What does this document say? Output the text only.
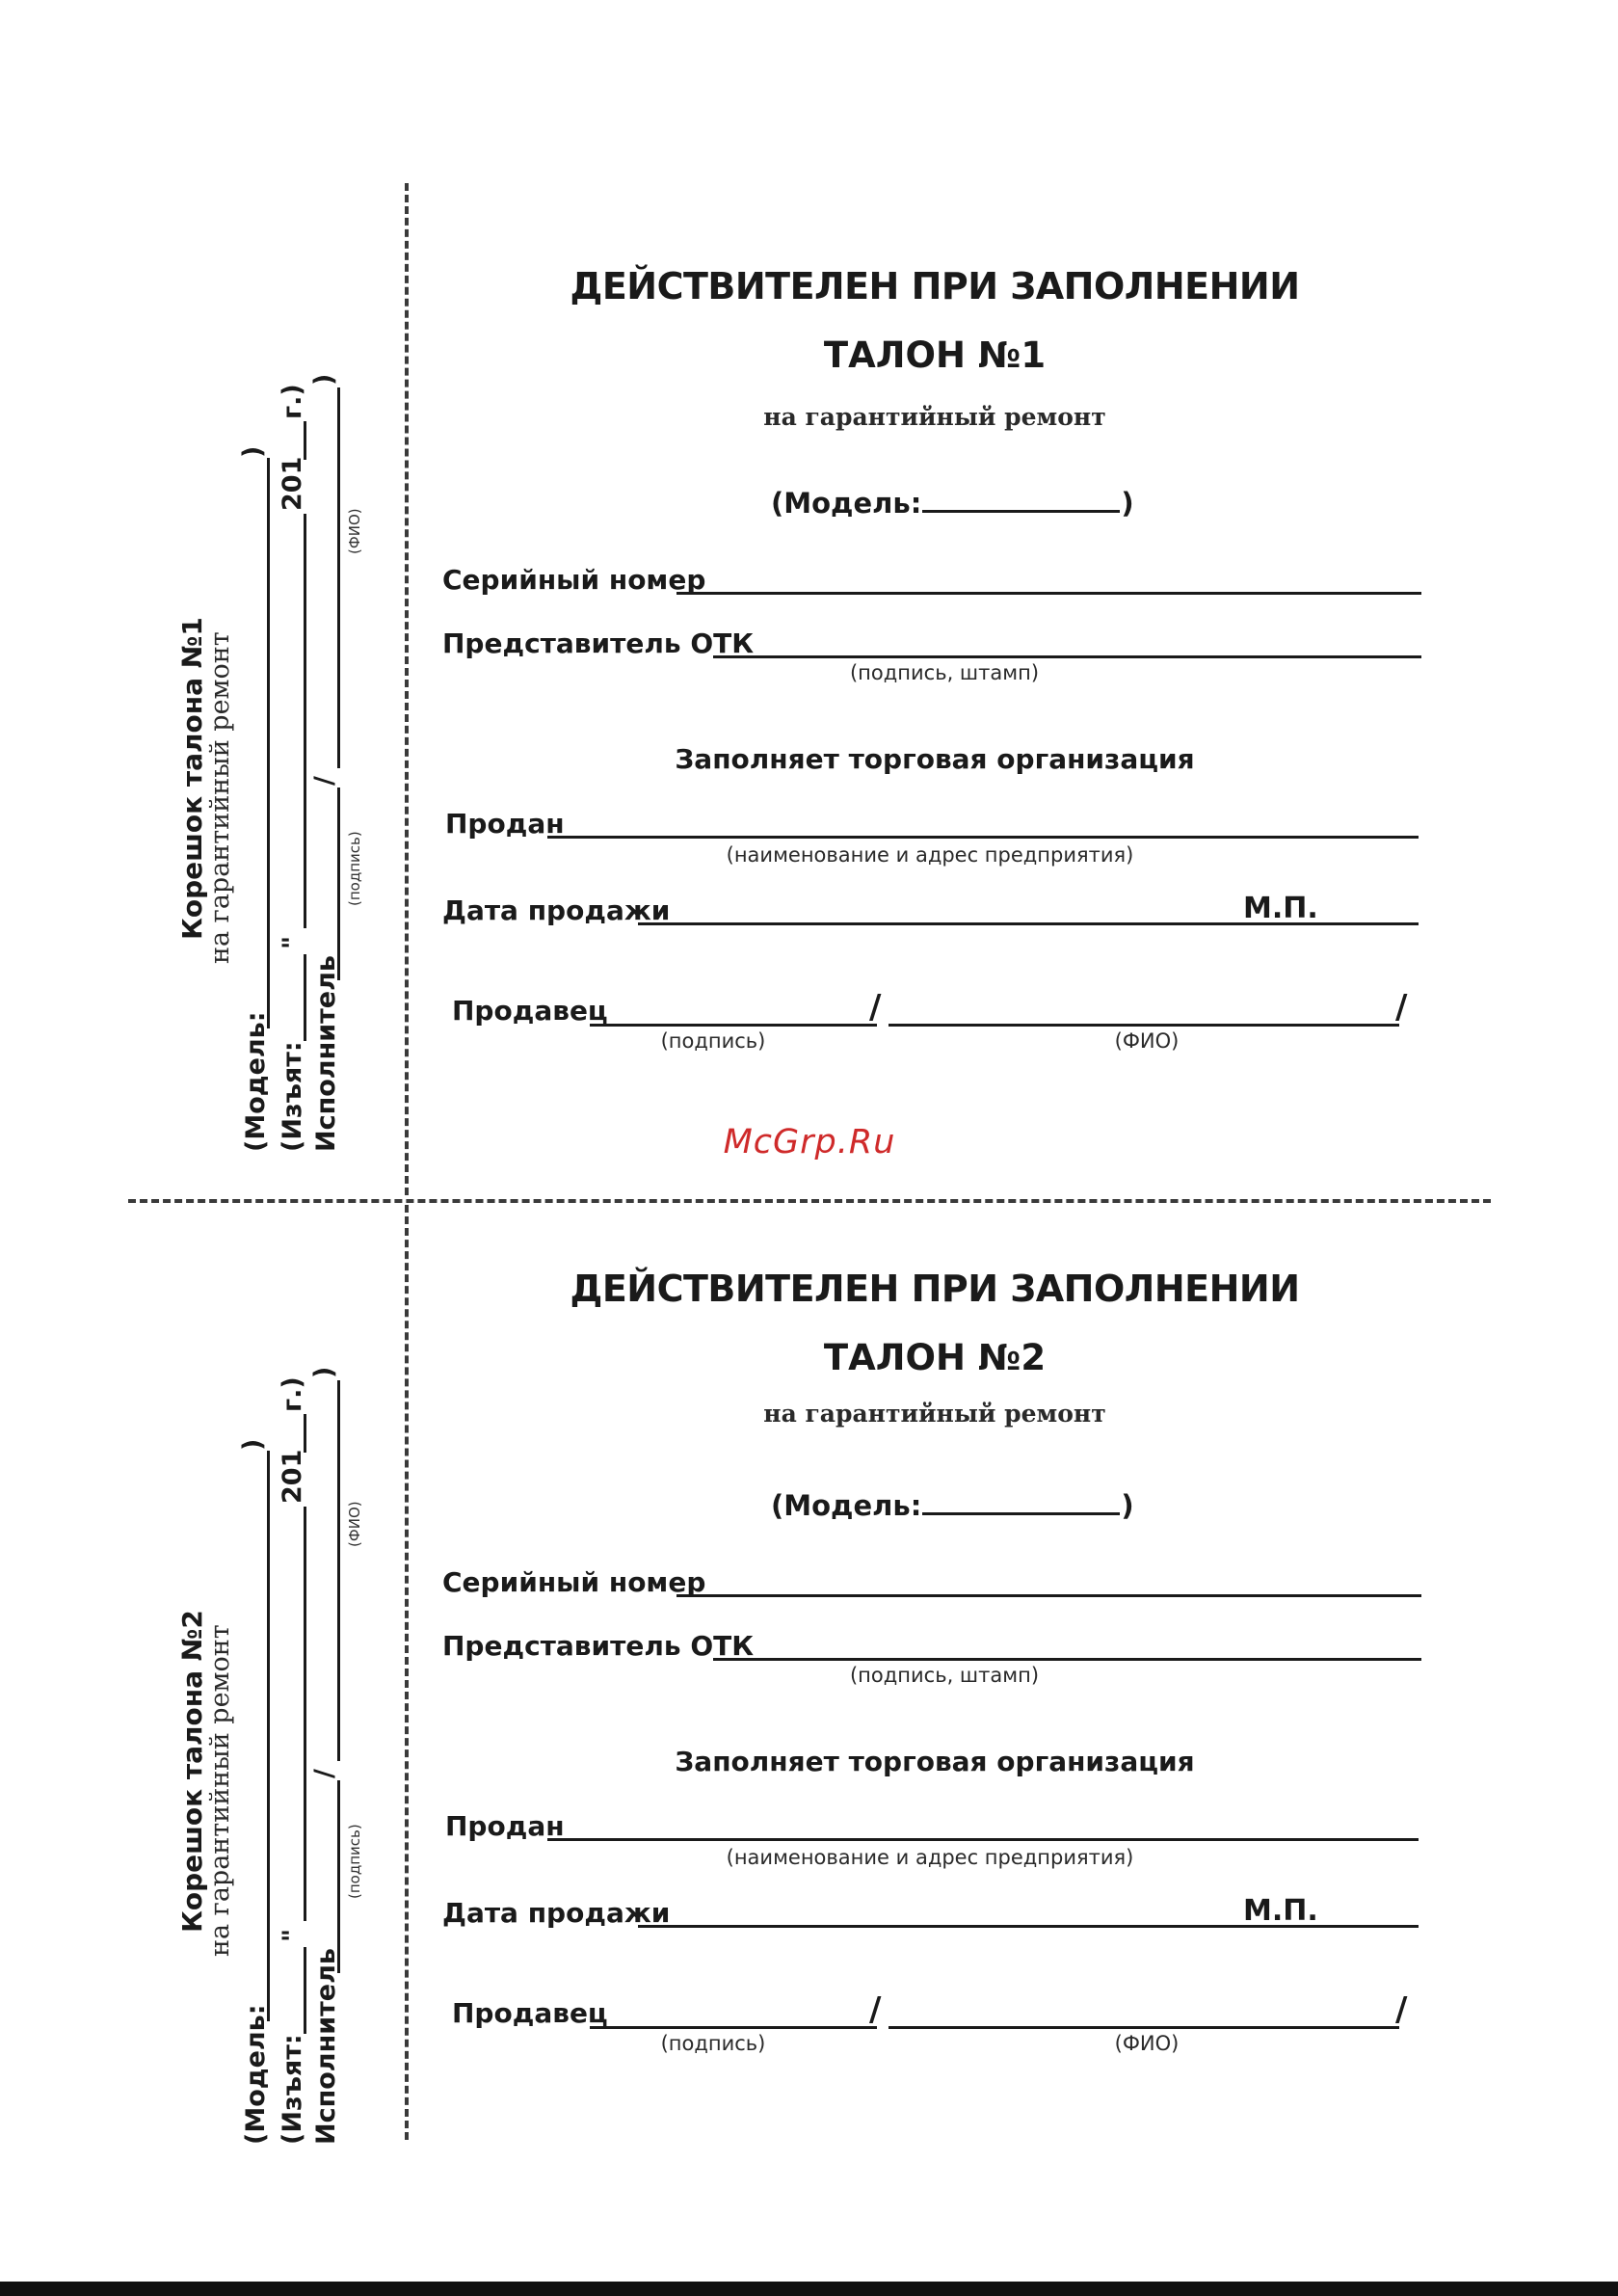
McGrp.Ru
ДЕЙСТВИТЕЛЕН ПРИ ЗАПОЛНЕНИИ
ТАЛОН №1
на гарантийный ремонт
(Модель:	)
Серийный номер
Представитель ОТК
(подпись, штамп)
Заполняет торговая организация
Продан
(наименование и адрес предприятия)
Дата продажи	М.П.
Продавец	/	/
(подпись)	(ФИО)
ДЕЙСТВИТЕЛЕН ПРИ ЗАПОЛНЕНИИ
ТАЛОН №2
на гарантийный ремонт
(Модель:	)
Серийный номер
Представитель ОТК
(подпись, штамп)
Заполняет торговая организация
Продан
(наименование и адрес предприятия)
Дата продажи	М.П.
Продавец	/	/
(подпись)	(ФИО)
Корешок талона №1
на гарантийный ремонт
(Модель:
)
(Изъят:
"
201
г.)
Исполнитель
/
)
(подпись)
(ФИО)
Корешок талона №2
на гарантийный ремонт
(Модель:
)
(Изъят:
"
201
г.)
Исполнитель
/
)
(подпись)
(ФИО)
